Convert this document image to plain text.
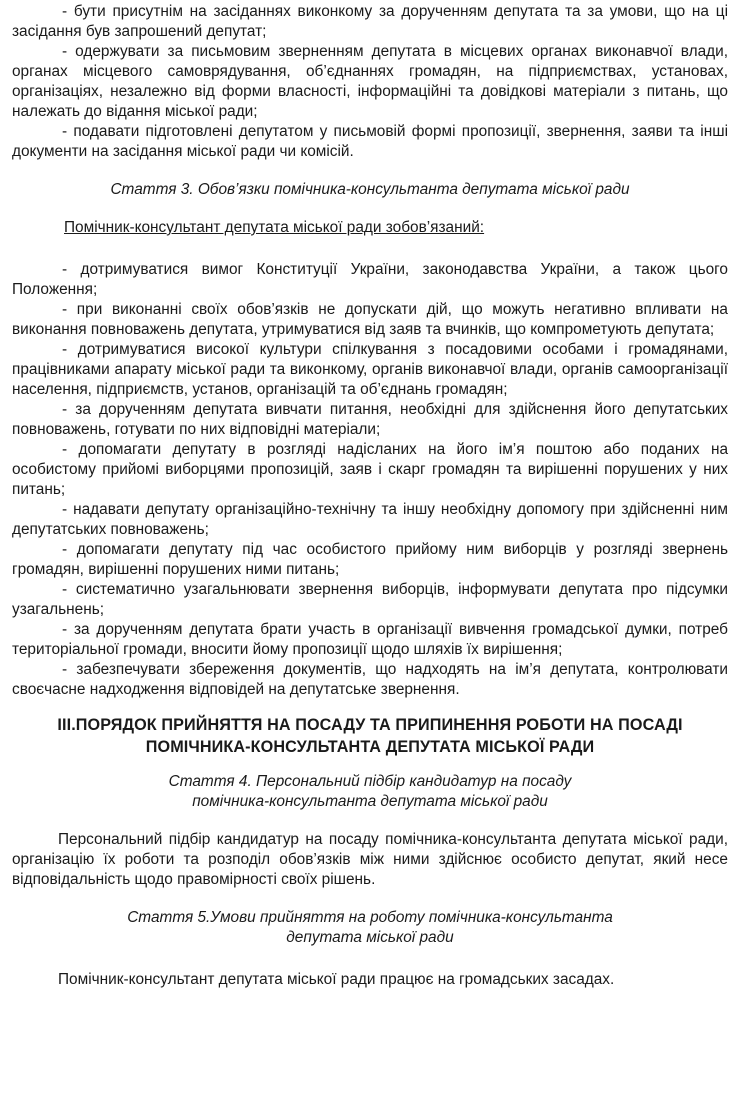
- бути присутнім на засіданнях виконкому за дорученням депутата та за умови, що на ці засідання був запрошений депутат;

- одержувати за письмовим зверненням депутата в місцевих органах виконавчої влади, органах місцевого самоврядування, об’єднаннях громадян, на підприємствах, установах, організаціях, незалежно від форми власності, інформаційні та довідкові матеріали з питань, що належать до відання міської ради;

- подавати підготовлені депутатом у письмовій формі пропозиції, звернення, заяви та інші документи на засідання міської ради чи комісій.

Стаття 3. Обов’язки помічника-консультанта депутата міської ради

Помічник-консультант депутата міської ради зобов’язаний:

- дотримуватися вимог Конституції України, законодавства України, а також цього Положення;

- при виконанні своїх обов’язків не допускати дій, що можуть негативно впливати на виконання повноважень депутата, утримуватися від заяв та вчинків, що компрометують депутата;

- дотримуватися високої культури спілкування з посадовими особами і громадянами, працівниками апарату міської ради та виконкому, органів виконавчої влади, органів самоорганізації населення, підприємств, установ, організацій та об’єднань громадян;

- за дорученням депутата вивчати питання, необхідні для здійснення його депутатських повноважень, готувати по них відповідні матеріали;

- допомагати депутату в розгляді надісланих на його ім’я поштою або поданих на особистому прийомі виборцями пропозицій, заяв і скарг громадян та вирішенні порушених у них питань;

- надавати депутату організаційно-технічну та іншу необхідну допомогу при здійсненні ним депутатських повноважень;

- допомагати депутату під час особистого прийому ним виборців у розгляді звернень громадян, вирішенні порушених ними питань;

- систематично узагальнювати звернення виборців, інформувати депутата про підсумки узагальнень;

- за дорученням депутата брати участь в організації вивчення громадської думки, потреб територіальної громади, вносити йому пропозиції щодо шляхів їх вирішення;

- забезпечувати збереження документів, що надходять на ім’я депутата, контролювати своєчасне надходження відповідей на депутатське звернення.

III.ПОРЯДОК ПРИЙНЯТТЯ НА ПОСАДУ ТА ПРИПИНЕННЯ РОБОТИ НА ПОСАДІ

ПОМІЧНИКА-КОНСУЛЬТАНТА ДЕПУТАТА МІСЬКОЇ РАДИ

Стаття 4. Персональний підбір кандидатур на посаду

помічника-консультанта депутата міської ради

Персональний підбір кандидатур на посаду помічника-консультанта депутата міської ради, організацію їх роботи та розподіл обов’язків між ними здійснює особисто депутат, який несе відповідальність щодо правомірності своїх рішень.

Стаття 5.Умови прийняття на роботу помічника-консультанта

депутата міської ради

Помічник-консультант депутата міської ради працює на громадських засадах.
